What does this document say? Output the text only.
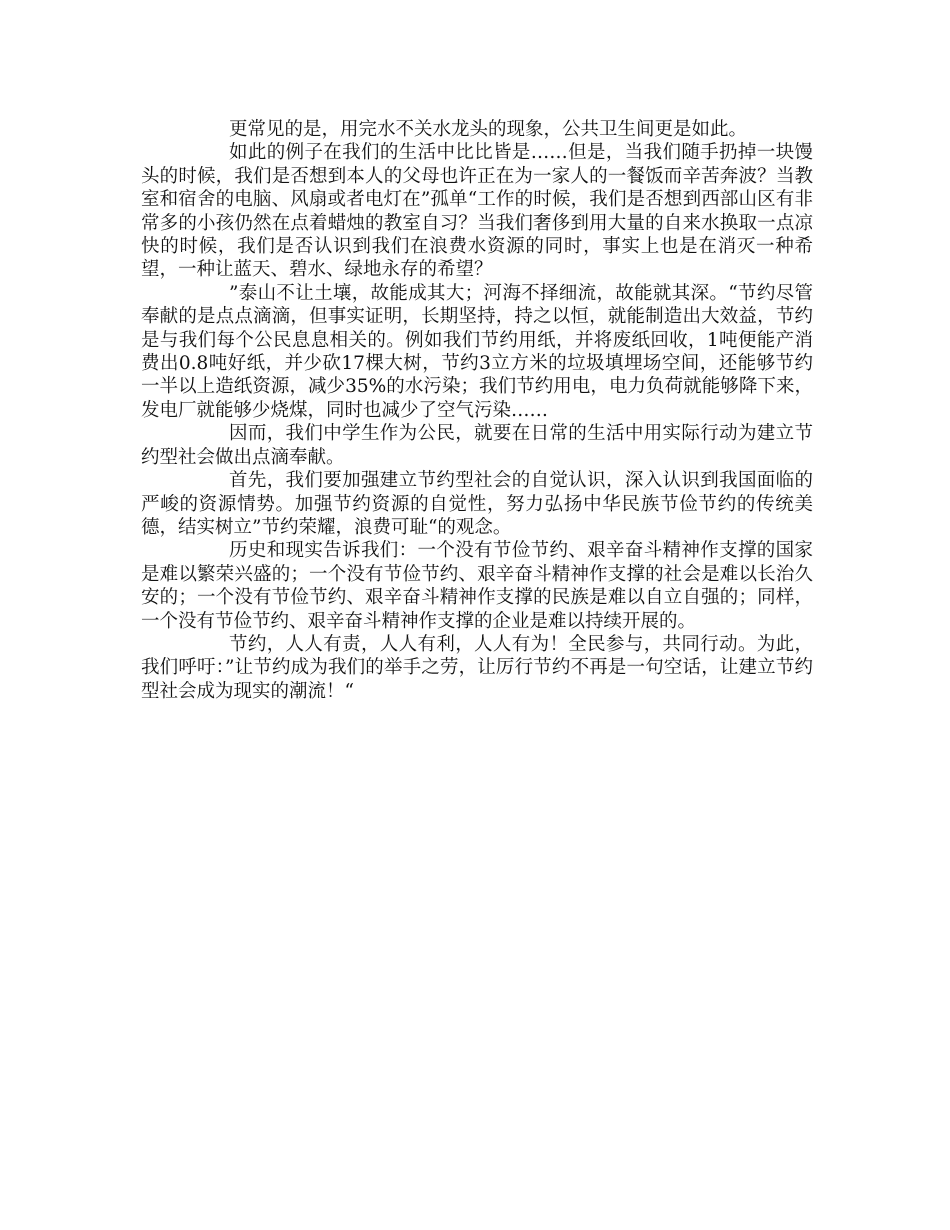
更常见的是，用完水不关水龙头的现象，公共卫生间更是如此。

如此的例子在我们的生活中比比皆是……但是，当我们随手扔掉一块馒头的时候，我们是否想到本人的父母也许正在为一家人的一餐饭而辛苦奔波？当教室和宿舍的电脑、风扇或者电灯在”孤单“工作的时候，我们是否想到西部山区有非常多的小孩仍然在点着蜡烛的教室自习？当我们奢侈到用大量的自来水换取一点凉快的时候，我们是否认识到我们在浪费水资源的同时，事实上也是在消灭一种希望，一种让蓝天、碧水、绿地永存的希望？

”泰山不让土壤，故能成其大；河海不择细流，故能就其深。“节约尽管奉献的是点点滴滴，但事实证明，长期坚持，持之以恒，就能制造出大效益，节约是与我们每个公民息息相关的。例如我们节约用纸，并将废纸回收，1吨便能产消费出0.8吨好纸，并少砍17棵大树，节约3立方米的垃圾填埋场空间，还能够节约一半以上造纸资源，减少35%的水污染；我们节约用电，电力负荷就能够降下来，发电厂就能够少烧煤，同时也减少了空气污染……

因而，我们中学生作为公民，就要在日常的生活中用实际行动为建立节约型社会做出点滴奉献。

首先，我们要加强建立节约型社会的自觉认识，深入认识到我国面临的严峻的资源情势。加强节约资源的自觉性，努力弘扬中华民族节俭节约的传统美德，结实树立”节约荣耀，浪费可耻“的观念。

历史和现实告诉我们：一个没有节俭节约、艰辛奋斗精神作支撑的国家是难以繁荣兴盛的；一个没有节俭节约、艰辛奋斗精神作支撑的社会是难以长治久安的；一个没有节俭节约、艰辛奋斗精神作支撑的民族是难以自立自强的；同样，一个没有节俭节约、艰辛奋斗精神作支撑的企业是难以持续开展的。

节约，人人有责，人人有利，人人有为！全民参与，共同行动。为此，我们呼吁：”让节约成为我们的举手之劳，让厉行节约不再是一句空话，让建立节约型社会成为现实的潮流！“
